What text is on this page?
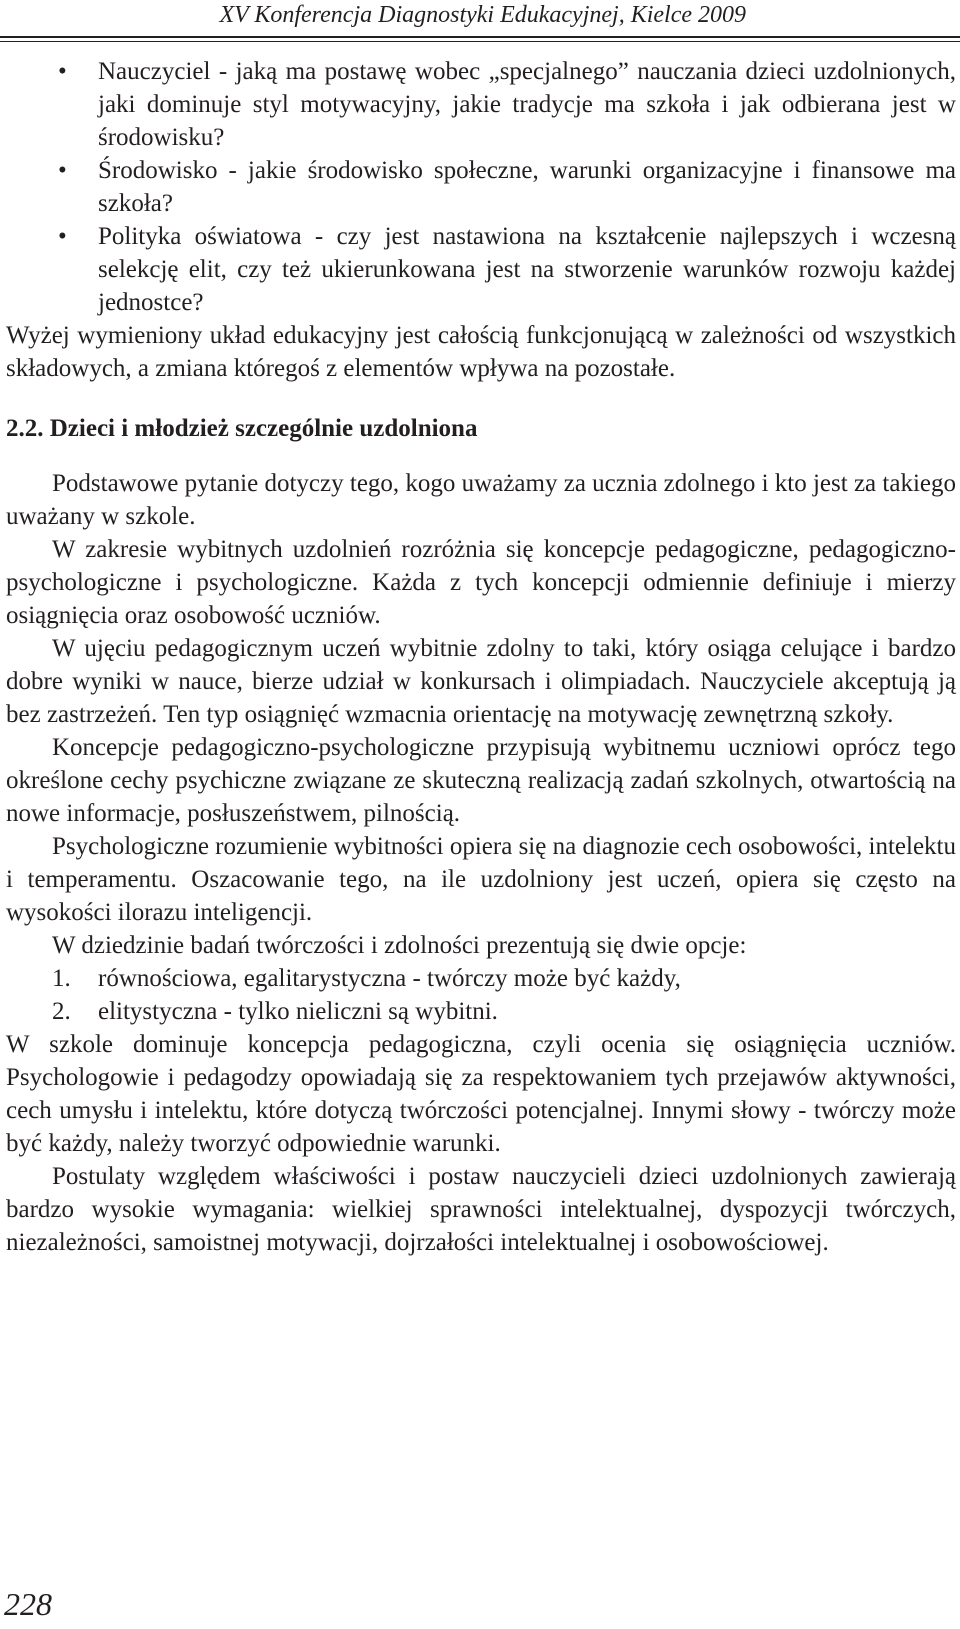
XV Konferencja Diagnostyki Edukacyjnej, Kielce 2009
• Nauczyciel - jaką ma postawę wobec „specjalnego” nauczania dzieci uzdolnionych, jaki dominuje styl motywacyjny, jakie tradycje ma szkoła i jak odbierana jest w środowisku?
• Środowisko - jakie środowisko społeczne, warunki organizacyjne i finansowe ma szkoła?
• Polityka oświatowa - czy jest nastawiona na kształcenie najlepszych i wczesną selekcję elit, czy też ukierunkowana jest na stworzenie warunków rozwoju każdej jednostce?

Wyżej wymieniony układ edukacyjny jest całością funkcjonującą w zależności od wszystkich składowych, a zmiana któregoś z elementów wpływa na pozostałe.

2.2. Dzieci i młodzież szczególnie uzdolniona

Podstawowe pytanie dotyczy tego, kogo uważamy za ucznia zdolnego i kto jest za takiego uważany w szkole.

W zakresie wybitnych uzdolnień rozróżnia się koncepcje pedagogiczne, pedagogiczno-psychologiczne i psychologiczne. Każda z tych koncepcji odmiennie definiuje i mierzy osiągnięcia oraz osobowość uczniów.

W ujęciu pedagogicznym uczeń wybitnie zdolny to taki, który osiąga celujące i bardzo dobre wyniki w nauce, bierze udział w konkursach i olimpiadach. Nauczyciele akceptują ją bez zastrzeżeń. Ten typ osiągnięć wzmacnia orientację na motywację zewnętrzną szkoły.

Koncepcje pedagogiczno-psychologiczne przypisują wybitnemu uczniowi oprócz tego określone cechy psychiczne związane ze skuteczną realizacją zadań szkolnych, otwartością na nowe informacje, posłuszeństwem, pilnością.

Psychologiczne rozumienie wybitności opiera się na diagnozie cech osobowości, intelektu i temperamentu. Oszacowanie tego, na ile uzdolniony jest uczeń, opiera się często na wysokości ilorazu inteligencji.

W dziedzinie badań twórczości i zdolności prezentują się dwie opcje:

1. równościowa, egalitarystyczna - twórczy może być każdy,
2. elitystyczna - tylko nieliczni są wybitni.

W szkole dominuje koncepcja pedagogiczna, czyli ocenia się osiągnięcia uczniów. Psychologowie i pedagodzy opowiadają się za respektowaniem tych przejawów aktywności, cech umysłu i intelektu, które dotyczą twórczości potencjalnej. Innymi słowy - twórczy może być każdy, należy tworzyć odpowiednie warunki.

Postulaty względem właściwości i postaw nauczycieli dzieci uzdolnionych zawierają bardzo wysokie wymagania: wielkiej sprawności intelektualnej, dyspozycji twórczych, niezależności, samoistnej motywacji, dojrzałości intelektualnej i osobowościowej.

228
